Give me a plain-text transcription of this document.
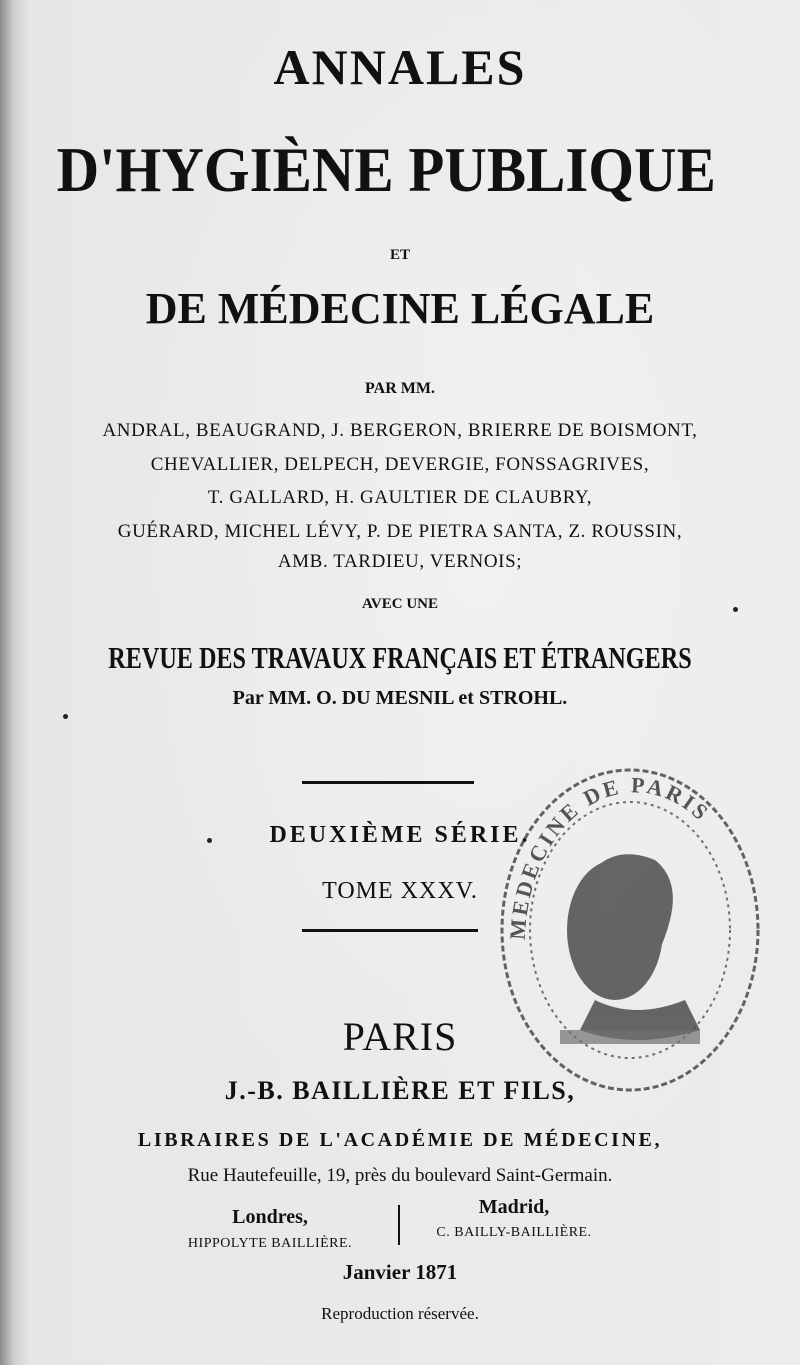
ANNALES
D'HYGIÈNE PUBLIQUE
ET
DE MÉDECINE LÉGALE
PAR MM.
ANDRAL, BEAUGRAND, J. BERGERON, BRIERRE DE BOISMONT,
CHEVALLIER, DELPECH, DEVERGIE, FONSSAGRIVES,
T. GALLARD, H. GAULTIER DE CLAUBRY,
GUÉRARD, MICHEL LÉVY, P. DE PIETRA SANTA, Z. ROUSSIN,
AMB. TARDIEU, VERNOIS;
AVEC UNE
REVUE DES TRAVAUX FRANÇAIS ET ÉTRANGERS
Par MM. O. DU MESNIL et STROHL.
DEUXIÈME SÉRIE.
TOME XXXV.
MEDECINE DE PARIS
PARIS
J.-B. BAILLIÈRE ET FILS,
LIBRAIRES DE L'ACADÉMIE DE MÉDECINE,
Rue Hautefeuille, 19, près du boulevard Saint-Germain.
Londres,
HIPPOLYTE BAILLIÈRE.
Madrid,
C. BAILLY-BAILLIÈRE.
Janvier 1871
Reproduction réservée.
